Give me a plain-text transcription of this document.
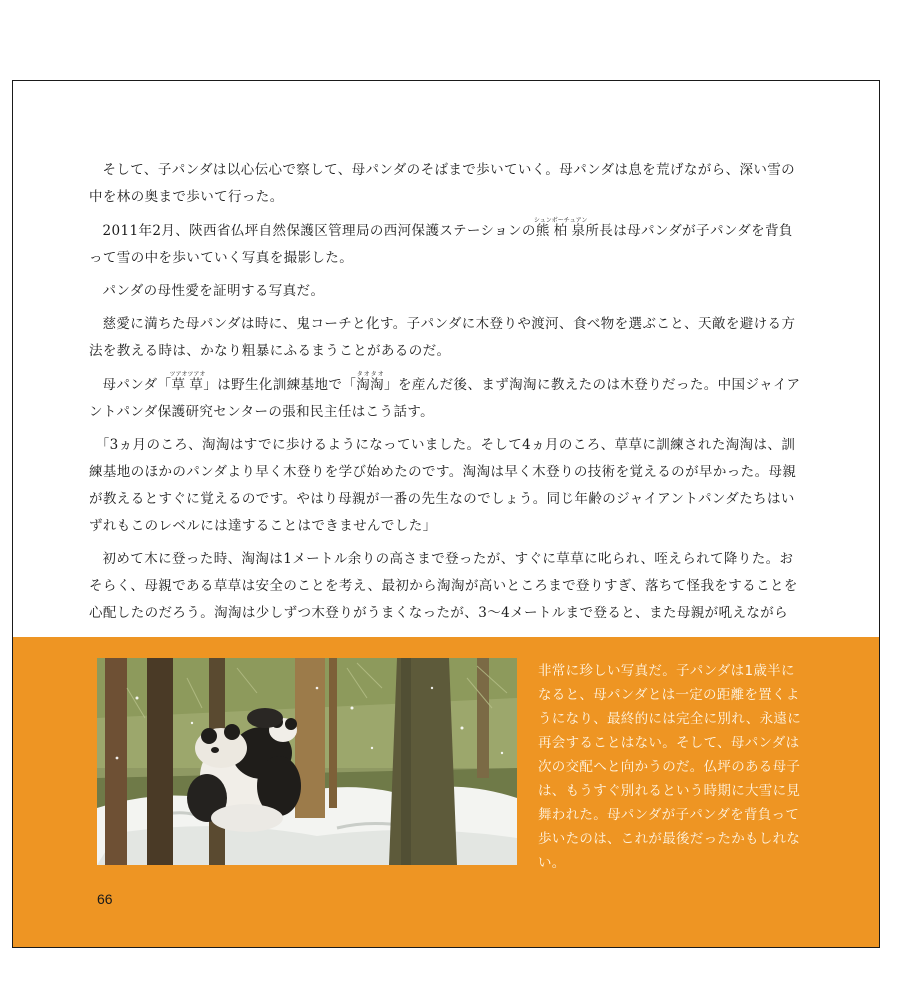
そして、子パンダは以心伝心で察して、母パンダのそばまで歩いていく。母パンダは息を荒げながら、深い雪の中を林の奥まで歩いて行った。

2011年2月、陝西省仏坪自然保護区管理局の西河保護ステーションの熊柏泉シュンボーチュアン所長は母パンダが子パンダを背負って雪の中を歩いていく写真を撮影した。

パンダの母性愛を証明する写真だ。

慈愛に満ちた母パンダは時に、鬼コーチと化す。子パンダに木登りや渡河、食べ物を選ぶこと、天敵を避ける方法を教える時は、かなり粗暴にふるまうことがあるのだ。

母パンダ「草草ツアオツアオ」は野生化訓練基地で「淘淘タオタオ」を産んだ後、まず淘淘に教えたのは木登りだった。中国ジャイアントパンダ保護研究センターの張和民主任はこう話す。

「3ヵ月のころ、淘淘はすでに歩けるようになっていました。そして4ヵ月のころ、草草に訓練された淘淘は、訓練基地のほかのパンダより早く木登りを学び始めたのです。淘淘は早く木登りの技術を覚えるのが早かった。母親が教えるとすぐに覚えるのです。やはり母親が一番の先生なのでしょう。同じ年齢のジャイアントパンダたちはいずれもこのレベルには達することはできませんでした」

初めて木に登った時、淘淘は1メートル余りの高さまで登ったが、すぐに草草に叱られ、咥えられて降りた。おそらく、母親である草草は安全のことを考え、最初から淘淘が高いところまで登りすぎ、落ちて怪我をすることを心配したのだろう。淘淘は少しずつ木登りがうまくなったが、3～4メートルまで登ると、また母親が吼えながら

非常に珍しい写真だ。子パンダは1歳半になると、母パンダとは一定の距離を置くようになり、最終的には完全に別れ、永遠に再会することはない。そして、母パンダは次の交配へと向かうのだ。仏坪のある母子は、もうすぐ別れるという時期に大雪に見舞われた。母パンダが子パンダを背負って歩いたのは、これが最後だったかもしれない。
66
